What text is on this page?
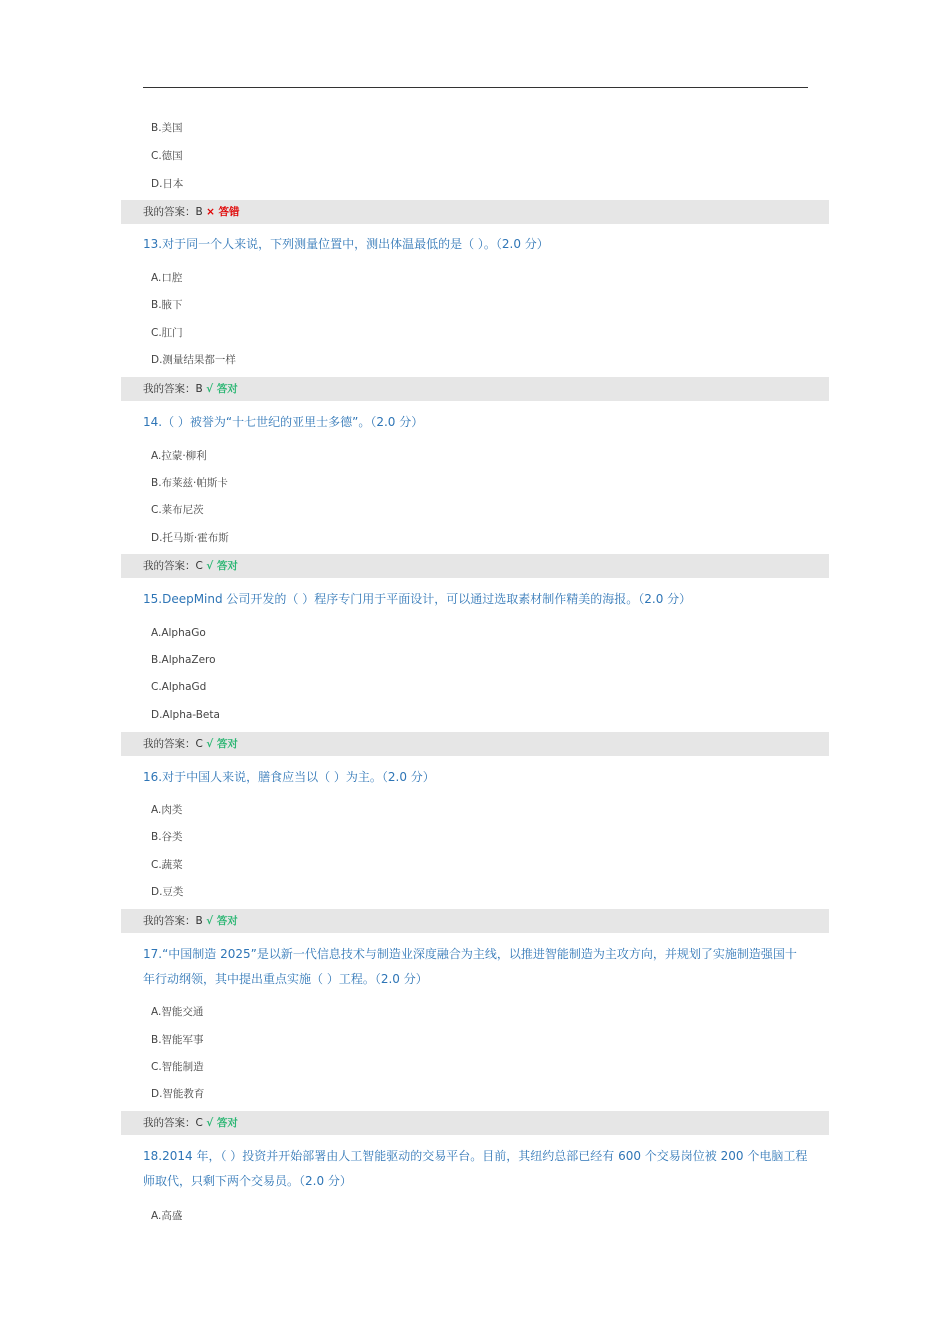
B.美国
C.德国
D.日本
我的答案：B × 答错
13.对于同一个人来说，下列测量位置中，测出体温最低的是（ ）。（2.0 分）
A.口腔
B.腋下
C.肛门
D.测量结果都一样
我的答案：B √ 答对
14.（ ）被誉为“十七世纪的亚里士多德”。（2.0 分）
A.拉蒙·柳利
B.布莱兹·帕斯卡
C.莱布尼茨
D.托马斯·霍布斯
我的答案：C √ 答对
15.DeepMind 公司开发的（ ）程序专门用于平面设计，可以通过选取素材制作精美的海报。（2.0 分）
A.AlphaGo
B.AlphaZero
C.AlphaGd
D.Alpha-Beta
我的答案：C √ 答对
16.对于中国人来说，膳食应当以（ ）为主。（2.0 分）
A.肉类
B.谷类
C.蔬菜
D.豆类
我的答案：B √ 答对
17.“中国制造 2025”是以新一代信息技术与制造业深度融合为主线，以推进智能制造为主攻方向，并规划了实施制造强国十年行动纲领，其中提出重点实施（ ）工程。（2.0 分）
A.智能交通
B.智能军事
C.智能制造
D.智能教育
我的答案：C √ 答对
18.2014 年，（ ）投资并开始部署由人工智能驱动的交易平台。目前，其纽约总部已经有 600 个交易岗位被 200 个电脑工程师取代，只剩下两个交易员。（2.0 分）
A.高盛
